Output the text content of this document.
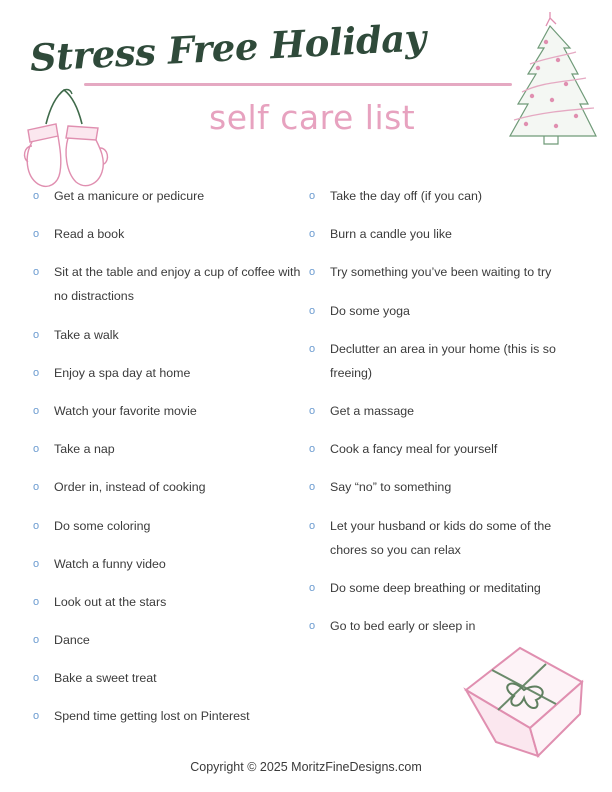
Stress Free Holiday
self care list
o Get a manicure or pedicure
o Read a book
o Sit at the table and enjoy a cup of coffee with no distractions
o Take a walk
o Enjoy a spa day at home
o Watch your favorite movie
o Take a nap
o Order in, instead of cooking
o Do some coloring
o Watch a funny video
o Look out at the stars
o Dance
o Bake a sweet treat
o Spend time getting lost on Pinterest
o Take the day off (if you can)
o Burn a candle you like
o Try something you’ve been waiting to try
o Do some yoga
o Declutter an area in your home (this is so freeing)
o Get a massage
o Cook a fancy meal for yourself
o Say “no” to something
o Let your husband or kids do some of the chores so you can relax
o Do some deep breathing or meditating
o Go to bed early or sleep in
Copyright © 2025 MoritzFineDesigns.com
